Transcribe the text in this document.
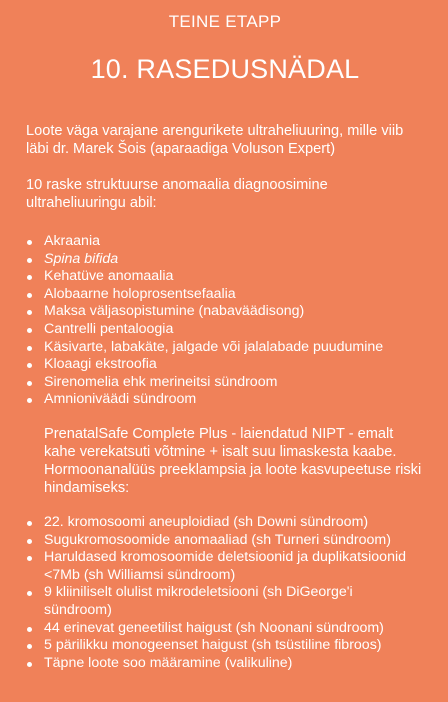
TEINE ETAPP
10. RASEDUSNÄDAL
Loote väga varajane arengurikete ultraheliuuring, mille viib läbi dr. Marek Šois (aparaadiga Voluson Expert)
10 raske struktuurse anomaalia diagnoosimine ultraheliuuringu abil:
Akraania
Spina bifida
Kehatüve anomaalia
Alobaarne holoprosentsefaalia
Maksa väljasopistumine (nabaväädisong)
Cantrelli pentaloogia
Käsivarte, labakäte, jalgade või jalalabade puudumine
Kloaagi ekstroofia
Sirenomelia ehk merineitsi sündroom
Amnioniväädi sündroom
PrenatalSafe Complete Plus - laiendatud NIPT - emalt kahe verekatsuti võtmine + isalt suu limaskesta kaabe. Hormoonanalüüs preeklampsia ja loote kasvupeetuse riski hindamiseks:
22. kromosoomi aneuploidiad (sh Downi sündroom)
Sugukromosoomide anomaaliad (sh Turneri sündroom)
Haruldased kromosoomide deletsioonid ja duplikatsioonid <7Mb (sh Williamsi sündroom)
9 kliiniliselt olulist mikrodeletsiooni (sh DiGeorge'i sündroom)
44 erinevat geneetilist haigust (sh Noonani sündroom)
5 pärilikku monogeenset haigust (sh tsüstiline fibroos)
Täpne loote soo määramine (valikuline)
